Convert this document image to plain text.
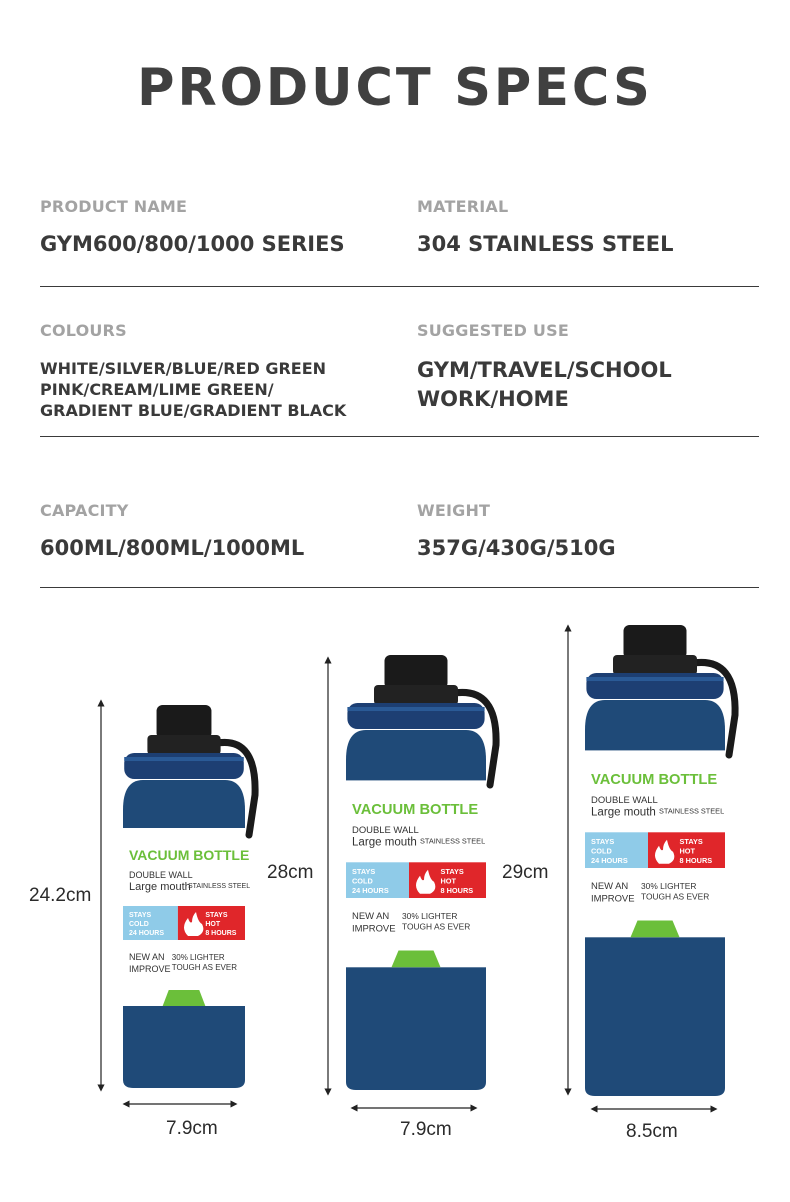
PRODUCT SPECS
PRODUCT NAME
GYM600/800/1000 SERIES
MATERIAL
304 STAINLESS STEEL
COLOURS
WHITE/SILVER/BLUE/RED GREEN
PINK/CREAM/LIME GREEN/
GRADIENT BLUE/GRADIENT BLACK
SUGGESTED USE
GYM/TRAVEL/SCHOOL
WORK/HOME
CAPACITY
600ML/800ML/1000ML
WEIGHT
357G/430G/510G
VACUUM BOTTLE
DOUBLE WALL
Large mouth
STAINLESS STEEL
STAYS
COLD
24 HOURS
STAYS
HOT
8 HOURS
NEW AN
IMPROVE
30% LIGHTER
TOUGH AS EVER
VACUUM BOTTLE
DOUBLE WALL
Large mouth STAINLESS STEEL
STAYS
COLD
24 HOURS
STAYS
HOT
8 HOURS
NEW AN
IMPROVE
30% LIGHTER
TOUGH AS EVER
VACUUM BOTTLE
DOUBLE WALL
Large mouth STAINLESS STEEL
STAYS
COLD
24 HOURS
STAYS
HOT
8 HOURS
NEW AN
IMPROVE
30% LIGHTER
TOUGH AS EVER
24.2cm
7.9cm
28cm
7.9cm
29cm
8.5cm
